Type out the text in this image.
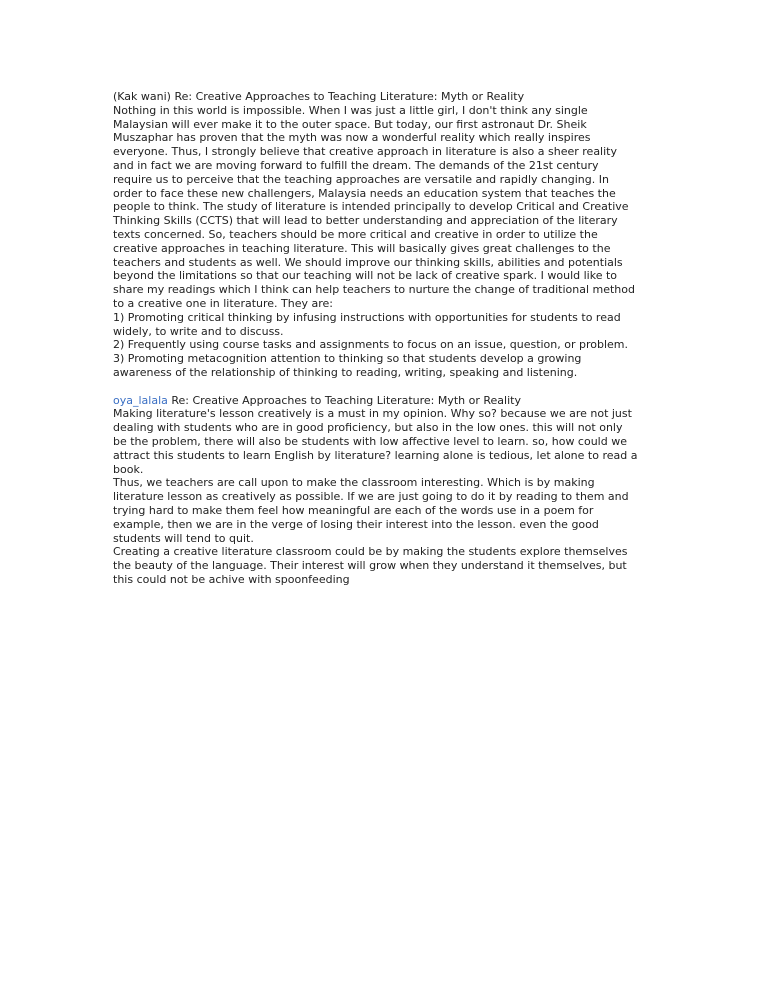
(Kak wani) Re: Creative Approaches to Teaching Literature: Myth or Reality
Nothing in this world is impossible. When I was just a little girl, I don't think any single
Malaysian will ever make it to the outer space. But today, our first astronaut Dr. Sheik
Muszaphar has proven that the myth was now a wonderful reality which really inspires
everyone. Thus, I strongly believe that creative approach in literature is also a sheer reality
and in fact we are moving forward to fulfill the dream. The demands of the 21st century
require us to perceive that the teaching approaches are versatile and rapidly changing. In
order to face these new challengers, Malaysia needs an education system that teaches the
people to think. The study of literature is intended principally to develop Critical and Creative
Thinking Skills (CCTS) that will lead to better understanding and appreciation of the literary
texts concerned. So, teachers should be more critical and creative in order to utilize the
creative approaches in teaching literature. This will basically gives great challenges to the
teachers and students as well. We should improve our thinking skills, abilities and potentials
beyond the limitations so that our teaching will not be lack of creative spark. I would like to
share my readings which I think can help teachers to nurture the change of traditional method
to a creative one in literature. They are:
1) Promoting critical thinking by infusing instructions with opportunities for students to read
widely, to write and to discuss.
2) Frequently using course tasks and assignments to focus on an issue, question, or problem.
3) Promoting metacognition attention to thinking so that students develop a growing
awareness of the relationship of thinking to reading, writing, speaking and listening.
oya_lalala Re: Creative Approaches to Teaching Literature: Myth or Reality
Making literature's lesson creatively is a must in my opinion. Why so? because we are not just
dealing with students who are in good proficiency, but also in the low ones. this will not only
be the problem, there will also be students with low affective level to learn. so, how could we
attract this students to learn English by literature? learning alone is tedious, let alone to read a
book.
Thus, we teachers are call upon to make the classroom interesting. Which is by making
literature lesson as creatively as possible. If we are just going to do it by reading to them and
trying hard to make them feel how meaningful are each of the words use in a poem for
example, then we are in the verge of losing their interest into the lesson. even the good
students will tend to quit.
Creating a creative literature classroom could be by making the students explore themselves
the beauty of the language. Their interest will grow when they understand it themselves, but
this could not be achive with spoonfeeding
